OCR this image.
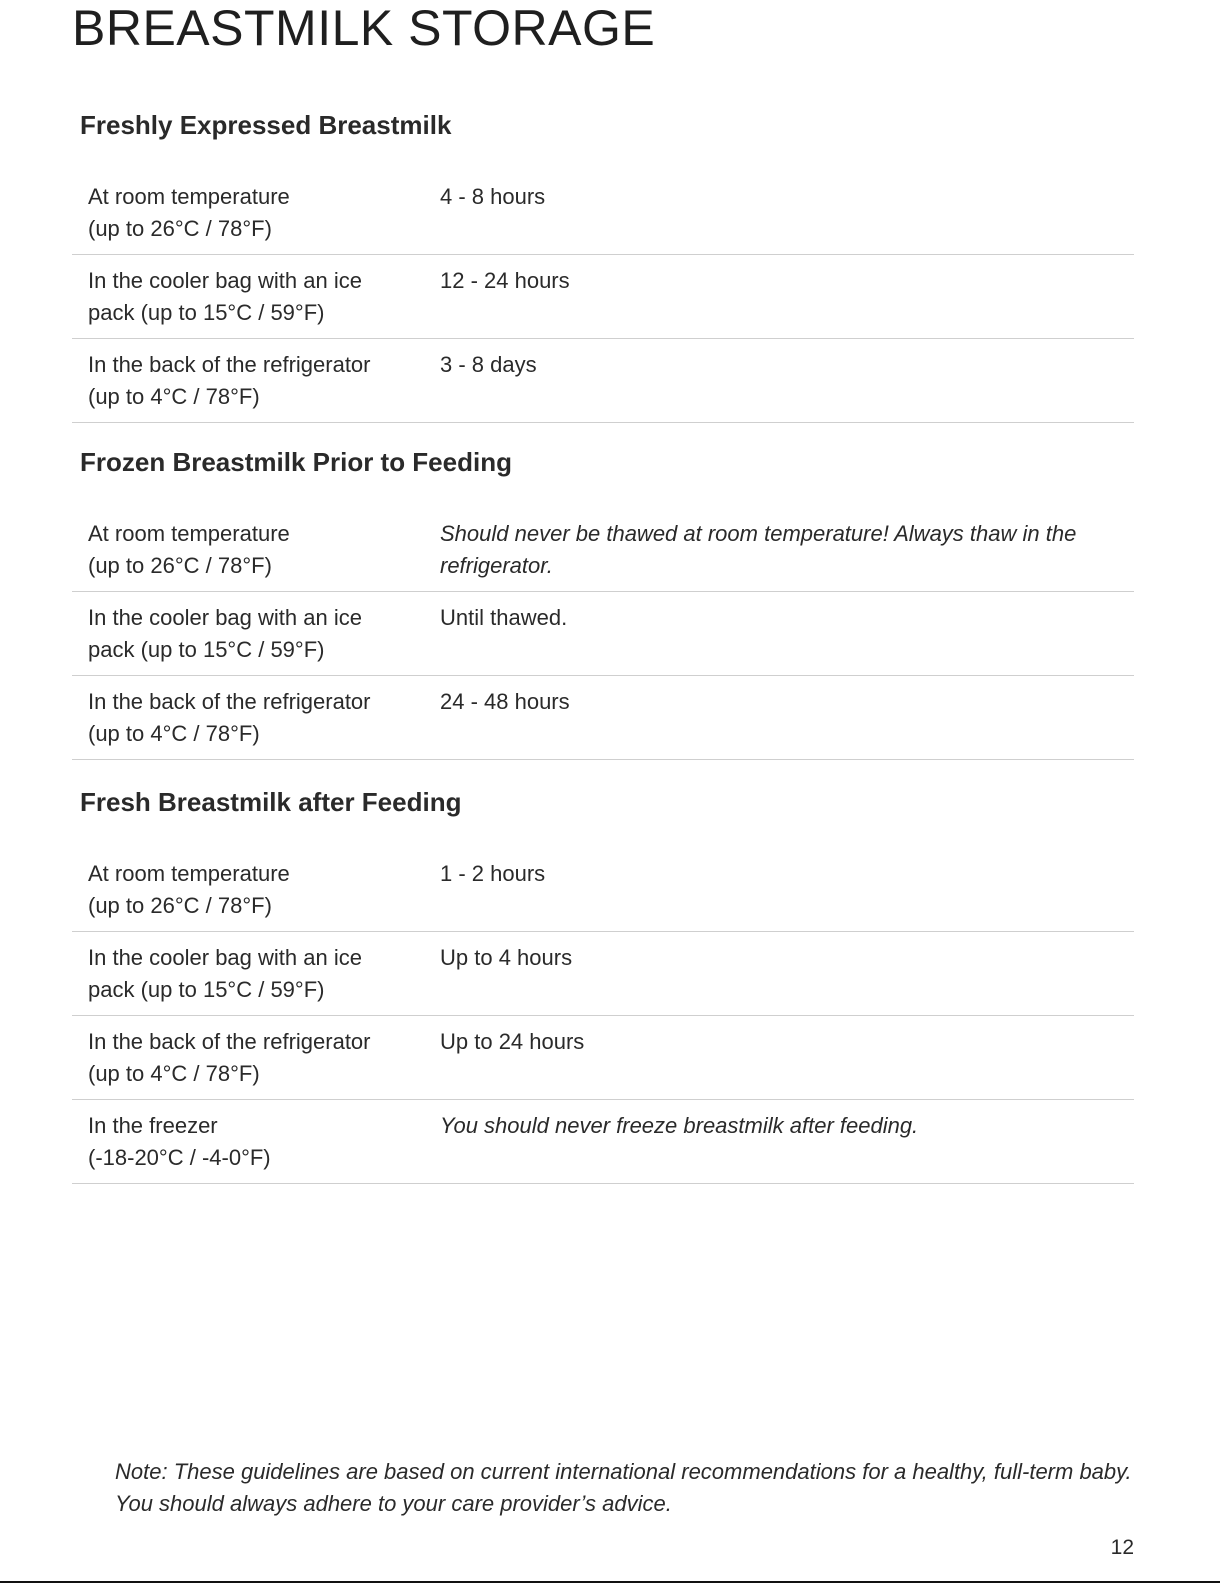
BREASTMILK STORAGE
Freshly Expressed Breastmilk
At room temperature
(up to 26°C / 78°F)
4 - 8 hours
In the cooler bag with an ice
pack (up to 15°C / 59°F)
12 - 24 hours
In the back of the refrigerator
(up to 4°C / 78°F)
3 - 8 days
Frozen Breastmilk Prior to Feeding
At room temperature
(up to 26°C / 78°F)
Should never be thawed at room temperature! Always thaw in the refrigerator.
In the cooler bag with an ice
pack (up to 15°C / 59°F)
Until thawed.
In the back of the refrigerator
(up to 4°C / 78°F)
24 - 48 hours
Fresh Breastmilk after Feeding
At room temperature
(up to 26°C / 78°F)
1 - 2 hours
In the cooler bag with an ice
pack (up to 15°C / 59°F)
Up to 4 hours
In the back of the refrigerator
(up to 4°C / 78°F)
Up to 24 hours
In the freezer
(-18-20°C / -4-0°F)
You should never freeze breastmilk after feeding.
Note: These guidelines are based on current international recommendations for a healthy, full-term baby.
You should always adhere to your care provider’s advice.
12
